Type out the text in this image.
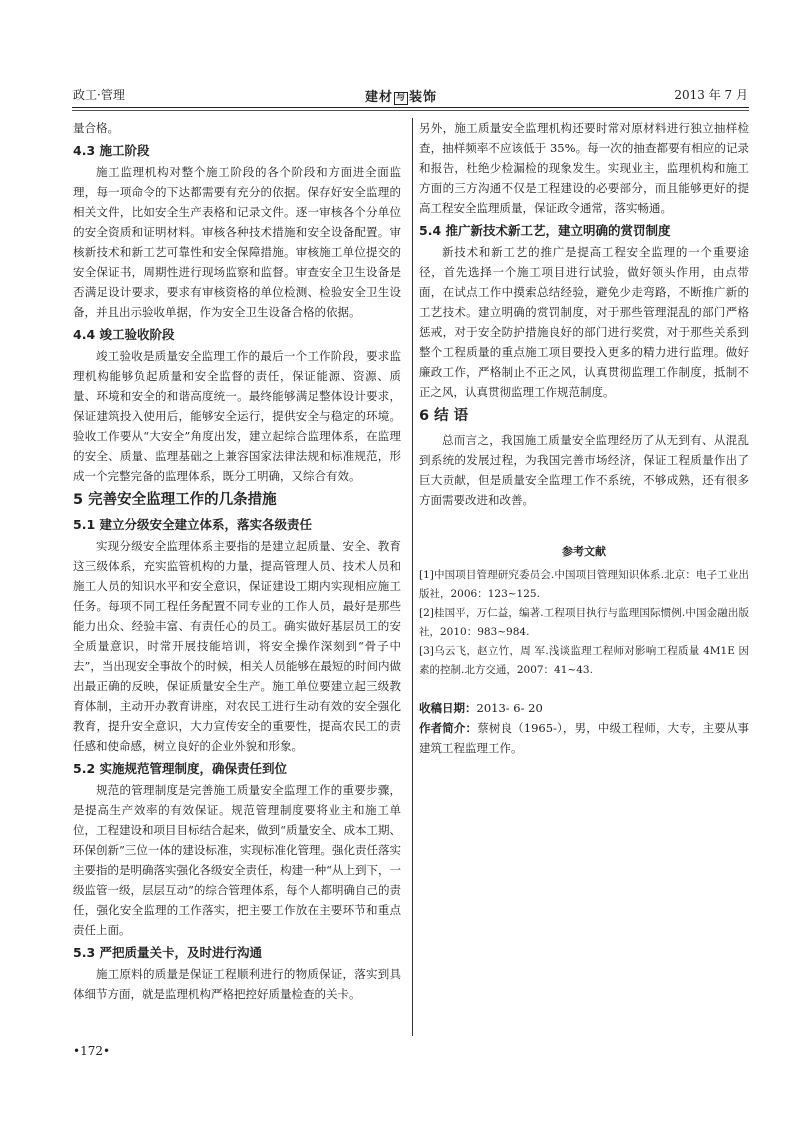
政工·管理	建材 与 装饰	2013 年 7 月

量合格。

4.3 施工阶段

施工监理机构对整个施工阶段的各个阶段和方面进全面监理，每一项命令的下达都需要有充分的依据。保存好安全监理的相关文件，比如安全生产表格和记录文件。逐一审核各个分单位的安全资质和证明材料。审核各种技术措施和安全设备配置。审核新技术和新工艺可靠性和安全保障措施。审核施工单位提交的安全保证书，周期性进行现场监察和监督。审查安全卫生设备是否满足设计要求，要求有审核资格的单位检测、检验安全卫生设备，并且出示验收单据，作为安全卫生设备合格的依据。

4.4 竣工验收阶段

竣工验收是质量安全监理工作的最后一个工作阶段，要求监理机构能够负起质量和安全监督的责任，保证能源、资源、质量、环境和安全的和谐高度统一。最终能够满足整体设计要求，保证建筑投入使用后，能够安全运行，提供安全与稳定的环境。验收工作要从“大安全”角度出发，建立起综合监理体系，在监理的安全、质量、监理基础之上兼容国家法律法规和标准规范，形成一个完整完备的监理体系，既分工明确，又综合有效。

5 完善安全监理工作的几条措施
5.1 建立分级安全建立体系，落实各级责任

实现分级安全监理体系主要指的是建立起质量、安全、教育这三级体系，充实监管机构的力量，提高管理人员、技术人员和施工人员的知识水平和安全意识，保证建设工期内实现相应施工任务。每项不同工程任务配置不同专业的工作人员，最好是那些能力出众、经验丰富、有责任心的员工。确实做好基层员工的安全质量意识，时常开展技能培训，将安全操作深刻到“骨子中去”，当出现安全事故个的时候，相关人员能够在最短的时间内做出最正确的反映，保证质量安全生产。施工单位要建立起三级教育体制，主动开办教育讲座，对农民工进行生动有效的安全强化教育，提升安全意识，大力宣传安全的重要性，提高农民工的责任感和使命感，树立良好的企业外貌和形象。

5.2 实施规范管理制度，确保责任到位

规范的管理制度是完善施工质量安全监理工作的重要步骤，是提高生产效率的有效保证。规范管理制度要将业主和施工单位，工程建设和项目目标结合起来，做到“质量安全、成本工期、环保创新”三位一体的建设标准，实现标准化管理。强化责任落实主要指的是明确落实强化各级安全责任，构建一种“从上到下，一级监管一级，层层互动”的综合管理体系，每个人都明确自己的责任，强化安全监理的工作落实，把主要工作放在主要环节和重点责任上面。

5.3 严把质量关卡，及时进行沟通

施工原料的质量是保证工程顺利进行的物质保证，落实到具体细节方面，就是监理机构严格把控好质量检查的关卡。

另外，施工质量安全监理机构还要时常对原材料进行独立抽样检查，抽样频率不应该低于 35%。每一次的抽查都要有相应的记录和报告，杜绝少检漏检的现象发生。实现业主，监理机构和施工方面的三方沟通不仅是工程建设的必要部分，而且能够更好的提高工程安全监理质量，保证政令通常，落实畅通。

5.4 推广新技术新工艺，建立明确的赏罚制度

新技术和新工艺的推广是提高工程安全监理的一个重要途径，首先选择一个施工项目进行试验，做好领头作用，由点带面，在试点工作中摸索总结经验，避免少走弯路，不断推广新的工艺技术。建立明确的赏罚制度，对于那些管理混乱的部门严格惩戒，对于安全防护措施良好的部门进行奖赏，对于那些关系到整个工程质量的重点施工项目要投入更多的精力进行监理。做好廉政工作，严格制止不正之风，认真贯彻监理工作制度，抵制不正之风，认真贯彻监理工作规范制度。

6 结 语

总而言之，我国施工质量安全监理经历了从无到有、从混乱到系统的发展过程，为我国完善市场经济，保证工程质量作出了巨大贡献，但是质量安全监理工作不系统，不够成熟，还有很多方面需要改进和改善。

参考文献

[1]中国项目管理研究委员会.中国项目管理知识体系.北京：电子工业出版社，2006：123~125.

[2]桂国平，万仁益，编著.工程项目执行与监理国际惯例.中国金融出版社，2010：983~984.

[3]乌云飞，赵立竹，周 军.浅谈监理工程师对影响工程质量 4M1E 因素的控制.北方交通，2007：41~43.

收稿日期：2013- 6- 20

作者简介：蔡树良（1965-），男，中级工程师，大专，主要从事建筑工程监理工作。

•172•
